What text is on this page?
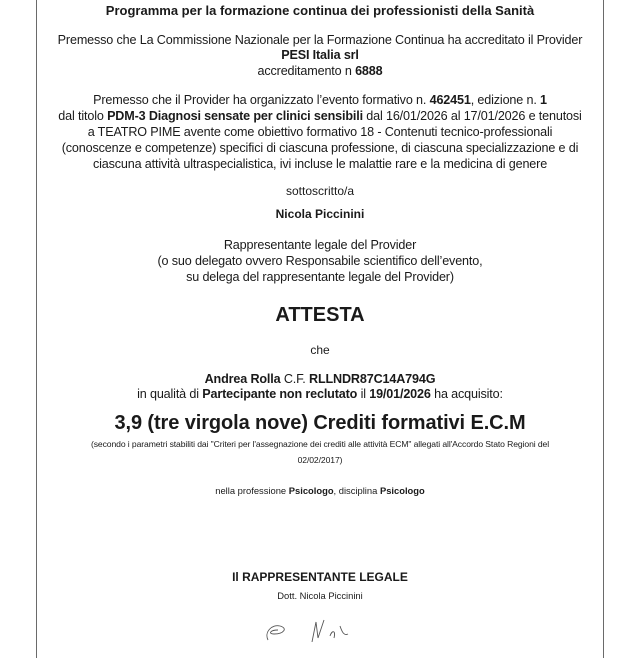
Programma per la formazione continua dei professionisti della Sanità
Premesso che La Commissione Nazionale per la Formazione Continua ha accreditato il Provider
PESI Italia srl
accreditamento n 6888
Premesso che il Provider ha organizzato l’evento formativo n. 462451, edizione n. 1
dal titolo PDM-3 Diagnosi sensate per clinici sensibili dal 16/01/2026 al 17/01/2026 e tenutosi
a TEATRO PIME avente come obiettivo formativo 18 - Contenuti tecnico-professionali
(conoscenze e competenze) specifici di ciascuna professione, di ciascuna specializzazione e di
ciascuna attività ultraspecialistica, ivi incluse le malattie rare e la medicina di genere
sottoscritto/a
Nicola Piccinini
Rappresentante legale del Provider
(o suo delegato ovvero Responsabile scientifico dell’evento,
su delega del rappresentante legale del Provider)
ATTESTA
che
Andrea Rolla C.F. RLLNDR87C14A794G
in qualità di Partecipante non reclutato il 19/01/2026 ha acquisito:
3,9 (tre virgola nove) Crediti formativi E.C.M
(secondo i parametri stabiliti dai "Criteri per l'assegnazione dei crediti alle attività ECM" allegati all'Accordo Stato Regioni del
02/02/2017)
nella professione Psicologo, disciplina Psicologo
Il RAPPRESENTANTE LEGALE
Dott. Nicola Piccinini
